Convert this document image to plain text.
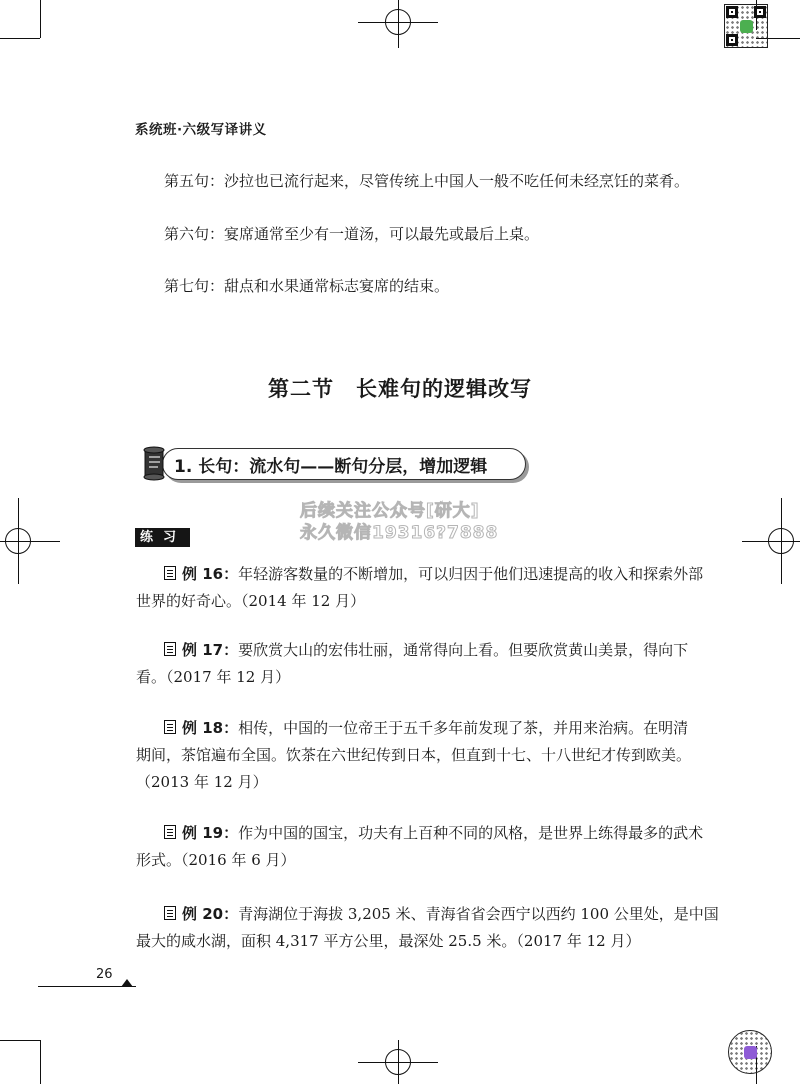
系统班·六级写译讲义
第五句：沙拉也已流行起来，尽管传统上中国人一般不吃任何未经烹饪的菜肴。
第六句：宴席通常至少有一道汤，可以最先或最后上桌。
第七句：甜点和水果通常标志宴席的结束。
第二节 长难句的逻辑改写
1. 长句：流水句——断句分层，增加逻辑
后续关注公众号[研大]
永久微信19316?7888
练习
例 16：年轻游客数量的不断增加，可以归因于他们迅速提高的收入和探索外部
世界的好奇心。（2014 年 12 月）
例 17：要欣赏大山的宏伟壮丽，通常得向上看。但要欣赏黄山美景，得向下
看。（2017 年 12 月）
例 18：相传，中国的一位帝王于五千多年前发现了茶，并用来治病。在明清
期间，茶馆遍布全国。饮茶在六世纪传到日本，但直到十七、十八世纪才传到欧美。
（2013 年 12 月）
例 19：作为中国的国宝，功夫有上百种不同的风格，是世界上练得最多的武术
形式。（2016 年 6 月）
例 20：青海湖位于海拔 3,205 米、青海省省会西宁以西约 100 公里处，是中国
最大的咸水湖，面积 4,317 平方公里，最深处 25.5 米。（2017 年 12 月）
26
